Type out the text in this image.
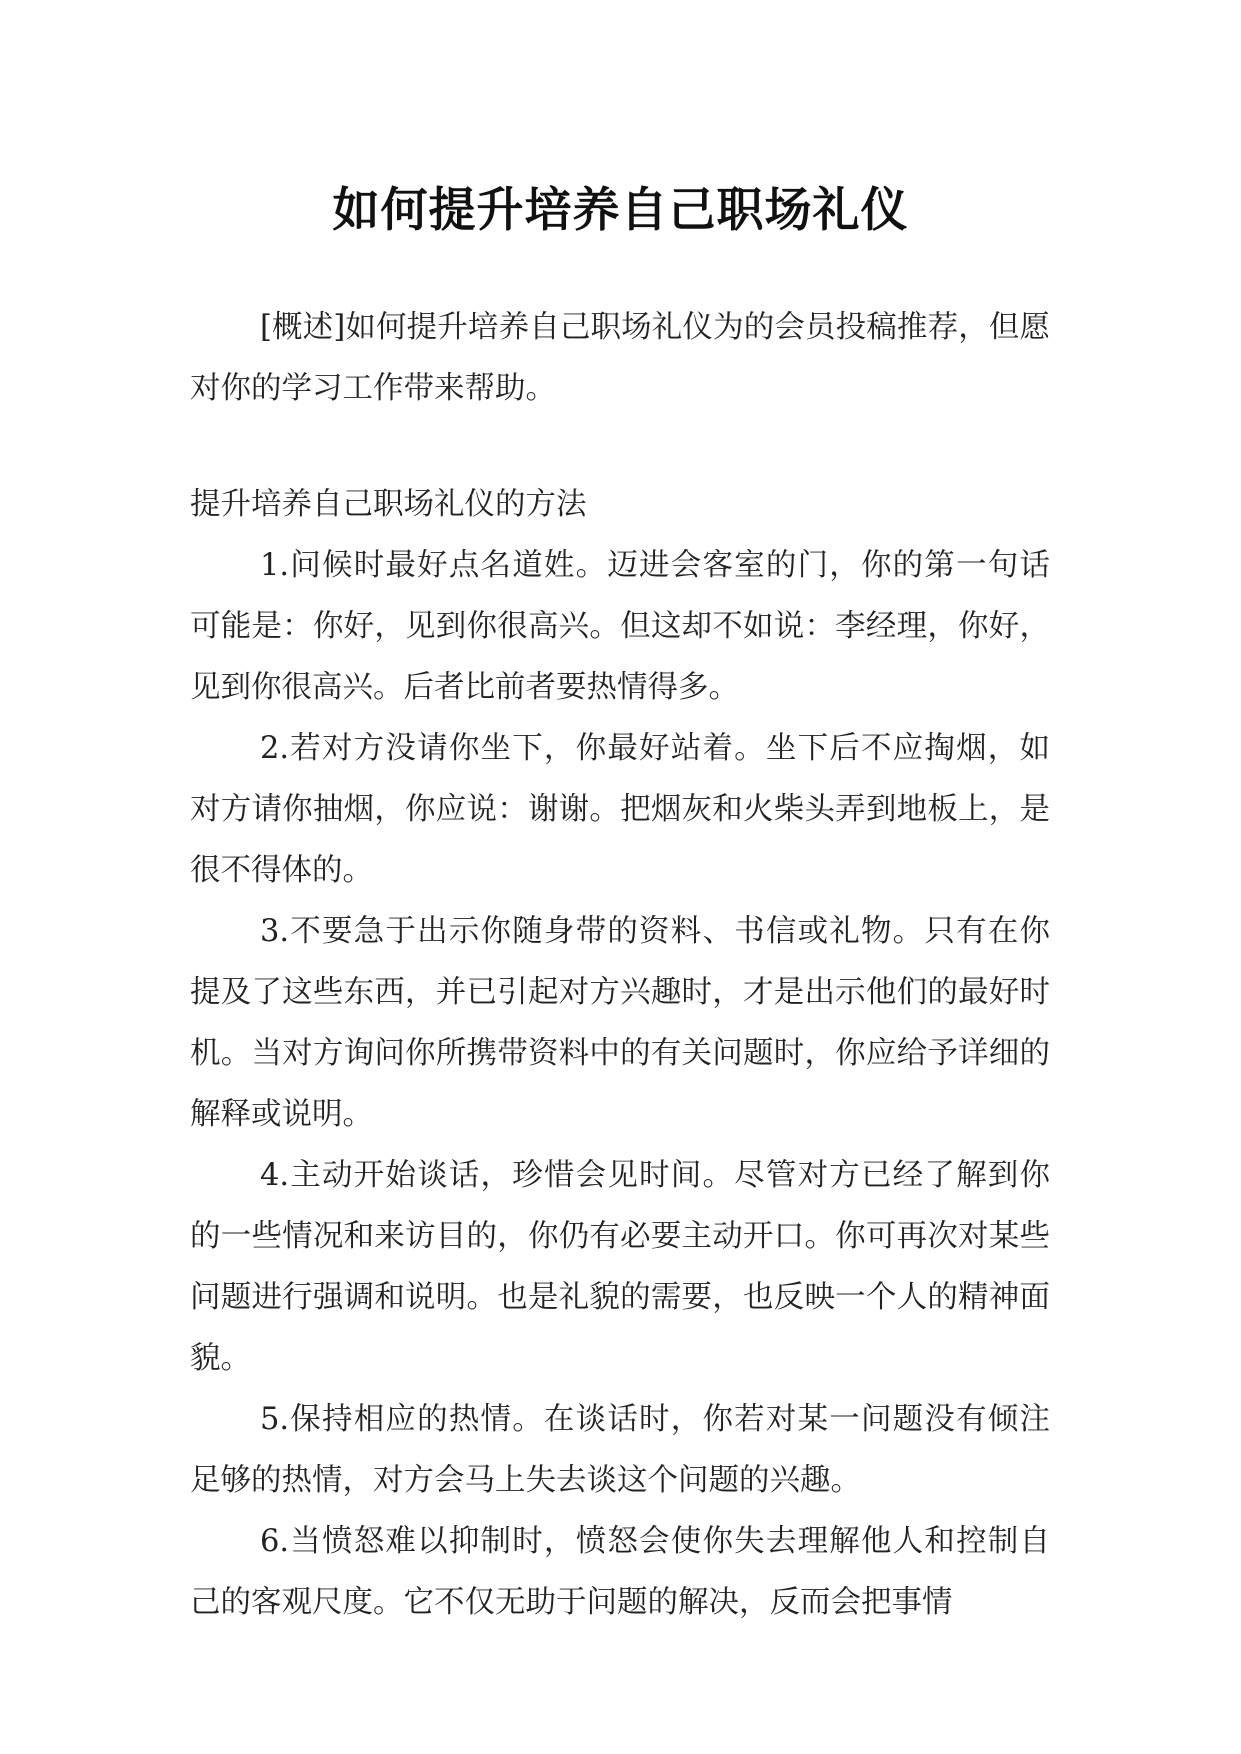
如何提升培养自己职场礼仪

[概述]如何提升培养自己职场礼仪为的会员投稿推荐，但愿对你的学习工作带来帮助。

提升培养自己职场礼仪的方法

1.问候时最好点名道姓。迈进会客室的门，你的第一句话可能是：你好，见到你很高兴。但这却不如说：李经理，你好，见到你很高兴。后者比前者要热情得多。

2.若对方没请你坐下，你最好站着。坐下后不应掏烟，如对方请你抽烟，你应说：谢谢。把烟灰和火柴头弄到地板上，是很不得体的。

3.不要急于出示你随身带的资料、书信或礼物。只有在你提及了这些东西，并已引起对方兴趣时，才是出示他们的最好时机。当对方询问你所携带资料中的有关问题时，你应给予详细的解释或说明。

4.主动开始谈话，珍惜会见时间。尽管对方已经了解到你的一些情况和来访目的，你仍有必要主动开口。你可再次对某些问题进行强调和说明。也是礼貌的需要，也反映一个人的精神面貌。

5.保持相应的热情。在谈话时，你若对某一问题没有倾注足够的热情，对方会马上失去谈这个问题的兴趣。

6.当愤怒难以抑制时，愤怒会使你失去理解他人和控制自己的客观尺度。它不仅无助于问题的解决，反而会把事情
